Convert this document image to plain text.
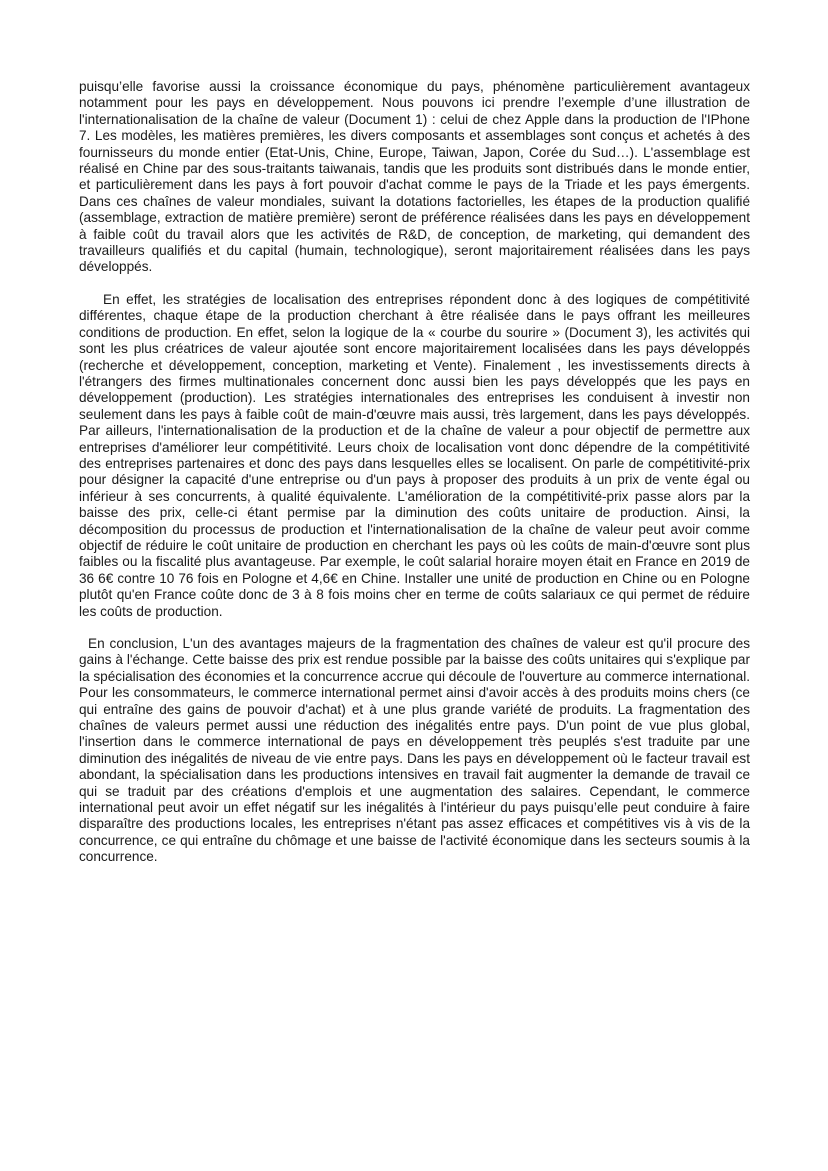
puisqu’elle favorise aussi la croissance économique du pays, phénomène particulièrement avantageux notamment pour les pays en développement. Nous pouvons ici prendre l’exemple d’une illustration de l'internationalisation de la chaîne de valeur (Document 1) : celui de chez Apple dans la production de l'IPhone 7. Les modèles, les matières premières, les divers composants et assemblages sont conçus et achetés à des fournisseurs du monde entier (Etat-Unis, Chine, Europe, Taiwan, Japon, Corée du Sud…). L'assemblage est réalisé en Chine par des sous-traitants taiwanais, tandis que les produits sont distribués dans le monde entier, et particulièrement dans les pays à fort pouvoir d'achat comme le pays de la Triade et les pays émergents. Dans ces chaînes de valeur mondiales, suivant la dotations factorielles, les étapes de la production qualifié (assemblage, extraction de matière première) seront de préférence réalisées dans les pays en développement à faible coût du travail alors que les activités de R&D, de conception, de marketing, qui demandent des travailleurs qualifiés et du capital (humain, technologique), seront majoritairement réalisées dans les pays développés.

En effet, les stratégies de localisation des entreprises répondent donc à des logiques de compétitivité différentes, chaque étape de la production cherchant à être réalisée dans le pays offrant les meilleures conditions de production. En effet, selon la logique de la « courbe du sourire » (Document 3), les activités qui sont les plus créatrices de valeur ajoutée sont encore majoritairement localisées dans les pays développés (recherche et développement, conception, marketing et Vente). Finalement , les investissements directs à l'étrangers des firmes multinationales concernent donc aussi bien les pays développés que les pays en développement (production). Les stratégies internationales des entreprises les conduisent à investir non seulement dans les pays à faible coût de main-d'œuvre mais aussi, très largement, dans les pays développés. Par ailleurs, l'internationalisation de la production et de la chaîne de valeur a pour objectif de permettre aux entreprises d'améliorer leur compétitivité. Leurs choix de localisation vont donc dépendre de la compétitivité des entreprises partenaires et donc des pays dans lesquelles elles se localisent. On parle de compétitivité-prix pour désigner la capacité d'une entreprise ou d'un pays à proposer des produits à un prix de vente égal ou inférieur à ses concurrents, à qualité équivalente. L'amélioration de la compétitivité-prix passe alors par la baisse des prix, celle-ci étant permise par la diminution des coûts unitaire de production. Ainsi, la décomposition du processus de production et l'internationalisation de la chaîne de valeur peut avoir comme objectif de réduire le coût unitaire de production en cherchant les pays où les coûts de main-d'œuvre sont plus faibles ou la fiscalité plus avantageuse. Par exemple, le coût salarial horaire moyen était en France en 2019 de 36 6€ contre 10 76 fois en Pologne et 4,6€ en Chine. Installer une unité de production en Chine ou en Pologne plutôt qu'en France coûte donc de 3 à 8 fois moins cher en terme de coûts salariaux ce qui permet de réduire les coûts de production.

En conclusion, L'un des avantages majeurs de la fragmentation des chaînes de valeur est qu'il procure des gains à l'échange. Cette baisse des prix est rendue possible par la baisse des coûts unitaires qui s'explique par la spécialisation des économies et la concurrence accrue qui découle de l'ouverture au commerce international. Pour les consommateurs, le commerce international permet ainsi d'avoir accès à des produits moins chers (ce qui entraîne des gains de pouvoir d'achat) et à une plus grande variété de produits. La fragmentation des chaînes de valeurs permet aussi une réduction des inégalités entre pays. D'un point de vue plus global, l'insertion dans le commerce international de pays en développement très peuplés s'est traduite par une diminution des inégalités de niveau de vie entre pays. Dans les pays en développement où le facteur travail est abondant, la spécialisation dans les productions intensives en travail fait augmenter la demande de travail ce qui se traduit par des créations d'emplois et une augmentation des salaires. Cependant, le commerce international peut avoir un effet négatif sur les inégalités à l'intérieur du pays puisqu’elle peut conduire à faire disparaître des productions locales, les entreprises n'étant pas assez efficaces et compétitives vis à vis de la concurrence, ce qui entraîne du chômage et une baisse de l'activité économique dans les secteurs soumis à la concurrence.
